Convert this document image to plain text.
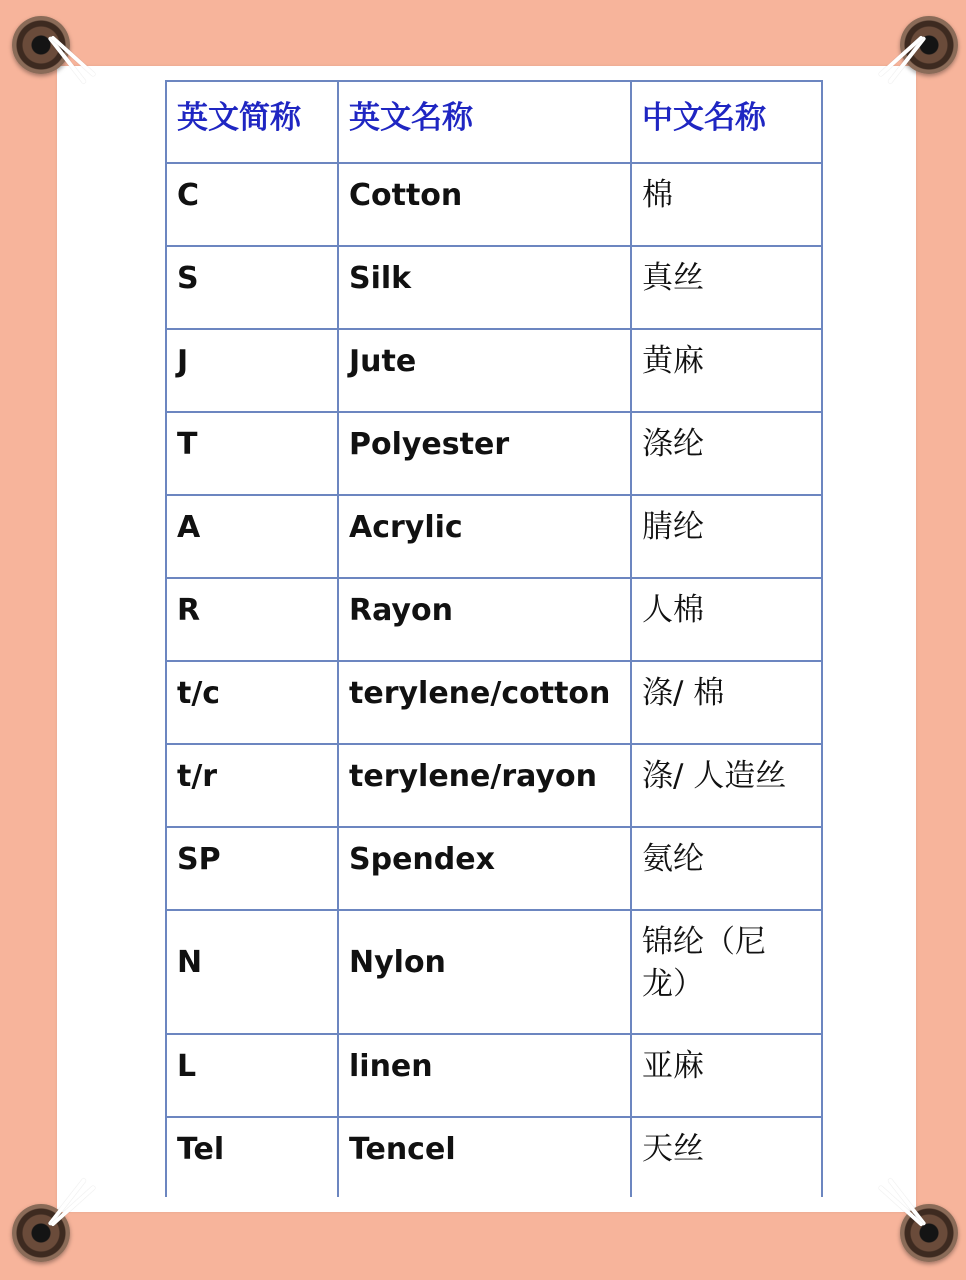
英文简称	英文名称	中文名称
C	Cotton	棉
S	Silk	真丝
J	Jute	黄麻
T	Polyester	涤纶
A	Acrylic	腈纶
R	Rayon	人棉
t/c	terylene/cotton	涤/ 棉
t/r	terylene/rayon	涤/ 人造丝
SP	Spendex	氨纶
N	Nylon	锦纶（尼龙）
L	linen	亚麻
Tel	Tencel	天丝
